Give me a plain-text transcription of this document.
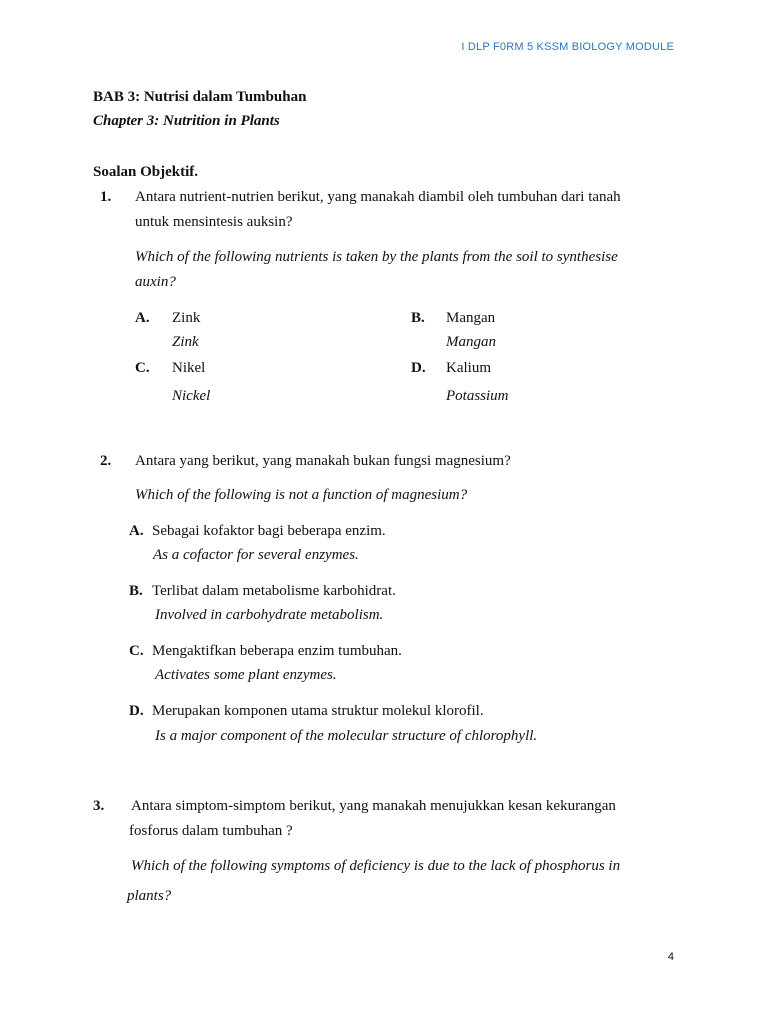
I DLP F0RM 5 KSSM BIOLOGY MODULE
BAB 3: Nutrisi dalam Tumbuhan
Chapter 3: Nutrition in Plants
Soalan Objektif.
1. Antara nutrient-nutrien berikut, yang manakah diambil oleh tumbuhan dari tanah
untuk mensintesis auksin?
Which of the following nutrients is taken by the plants from the soil to synthesise
auxin?
A. Zink
Zink
B. Mangan
Mangan
C. Nikel
Nickel
D. Kalium
Potassium
2. Antara yang berikut, yang manakah bukan fungsi magnesium?
Which of the following is not a function of magnesium?
A. Sebagai kofaktor bagi beberapa enzim.
As a cofactor for several enzymes.
B. Terlibat dalam metabolisme karbohidrat.
Involved in carbohydrate metabolism.
C. Mengaktifkan beberapa enzim tumbuhan.
Activates some plant enzymes.
D. Merupakan komponen utama struktur molekul klorofil.
Is a major component of the molecular structure of chlorophyll.
3. Antara simptom-simptom berikut, yang manakah menujukkan kesan kekurangan
fosforus dalam tumbuhan ?
Which of the following symptoms of deficiency is due to the lack of phosphorus in
plants?
4
